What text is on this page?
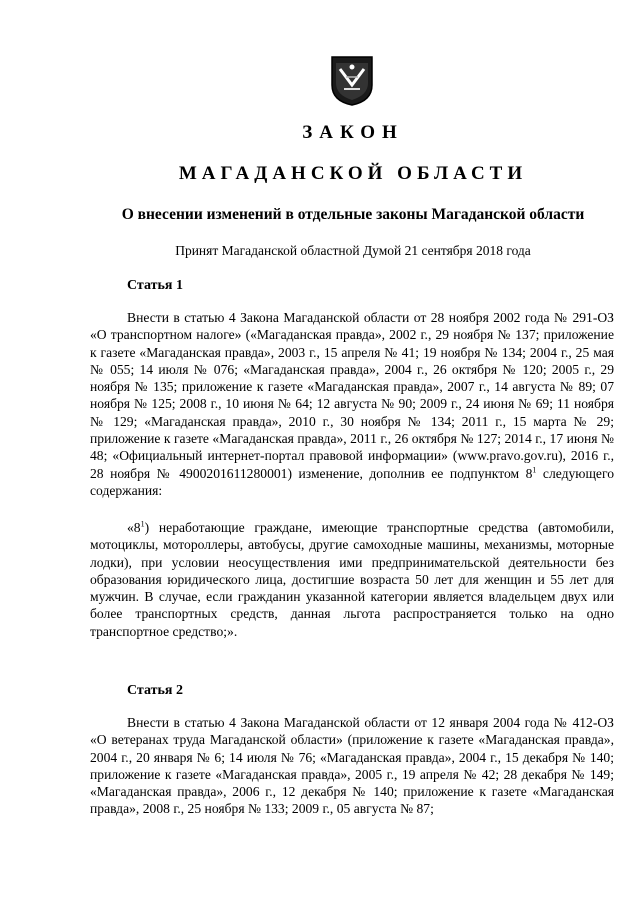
ЗАКОН
МАГАДАНСКОЙ ОБЛАСТИ
О внесении изменений в отдельные законы Магаданской области

Принят Магаданской областной Думой 21 сентября 2018 года

Статья 1

Внести в статью 4 Закона Магаданской области от 28 ноября 2002 года № 291-ОЗ «О транспортном налоге» («Магаданская правда», 2002 г., 29 ноября № 137; приложение к газете «Магаданская правда», 2003 г., 15 апреля № 41; 19 ноября № 134; 2004 г., 25 мая № 055; 14 июля № 076; «Магаданская правда», 2004 г., 26 октября № 120; 2005 г., 29 ноября № 135; приложение к газете «Магаданская правда», 2007 г., 14 августа № 89; 07 ноября № 125; 2008 г., 10 июня № 64; 12 августа № 90; 2009 г., 24 июня № 69; 11 ноября № 129; «Магаданская правда», 2010 г., 30 ноября № 134; 2011 г., 15 марта № 29; приложение к газете «Магаданская правда», 2011 г., 26 октября № 127; 2014 г., 17 июня № 48; «Официальный интернет-портал правовой информации» (www.pravo.gov.ru), 2016 г., 28 ноября № 4900201611280001) изменение, дополнив ее подпунктом $8^1$ следующего содержания:

«$8^1$) неработающие граждане, имеющие транспортные средства (автомобили, мотоциклы, мотороллеры, автобусы, другие самоходные машины, механизмы, моторные лодки), при условии неосуществления ими предпринимательской деятельности без образования юридического лица, достигшие возраста 50 лет для женщин и 55 лет для мужчин. В случае, если гражданин указанной категории является владельцем двух или более транспортных средств, данная льгота распространяется только на одно транспортное средство;».

Статья 2

Внести в статью 4 Закона Магаданской области от 12 января 2004 года № 412-ОЗ «О ветеранах труда Магаданской области» (приложение к газете «Магаданская правда», 2004 г., 20 января № 6; 14 июля № 76; «Магаданская правда», 2004 г., 15 декабря № 140; приложение к газете «Магаданская правда», 2005 г., 19 апреля № 42; 28 декабря № 149; «Магаданская правда», 2006 г., 12 декабря № 140; приложение к газете «Магаданская правда», 2008 г., 25 ноября № 133; 2009 г., 05 августа № 87;
